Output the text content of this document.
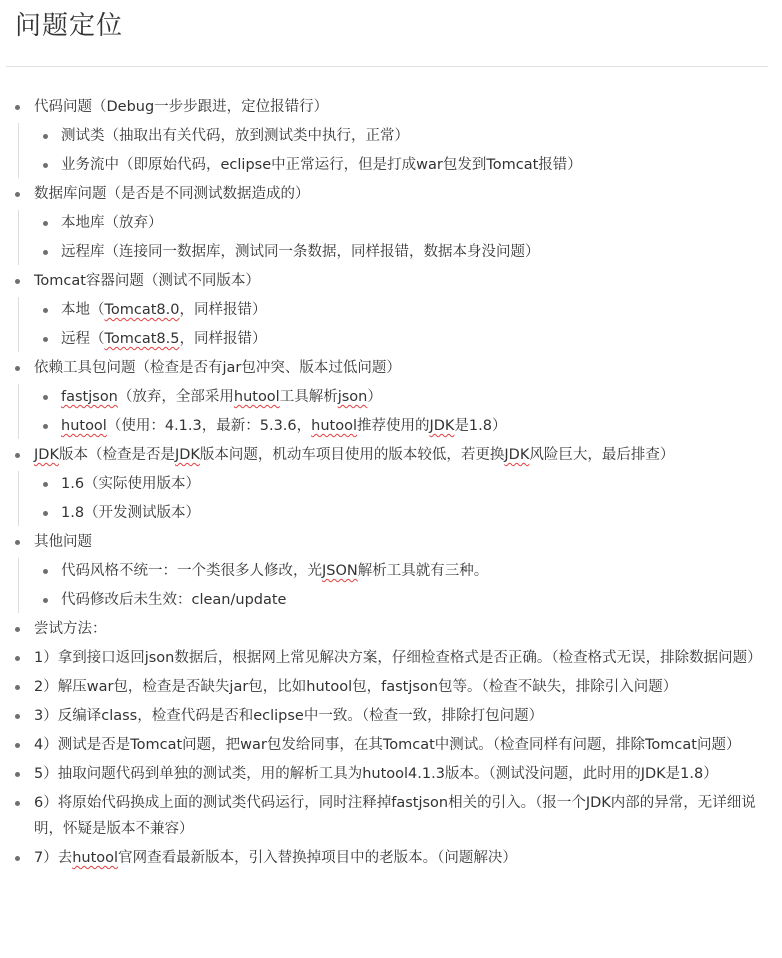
问题定位
代码问题（Debug一步步跟进，定位报错行）
测试类（抽取出有关代码，放到测试类中执行，正常）
业务流中（即原始代码，eclipse中正常运行，但是打成war包发到Tomcat报错）
数据库问题（是否是不同测试数据造成的）
本地库（放弃）
远程库（连接同一数据库，测试同一条数据，同样报错，数据本身没问题）
Tomcat容器问题（测试不同版本）
本地（Tomcat8.0，同样报错）
远程（Tomcat8.5，同样报错）
依赖工具包问题（检查是否有jar包冲突、版本过低问题）
fastjson（放弃，全部采用hutool工具解析json）
hutool（使用：4.1.3，最新：5.3.6，hutool推荐使用的JDK是1.8）
JDK版本（检查是否是JDK版本问题，机动车项目使用的版本较低，若更换JDK风险巨大，最后排查）
1.6（实际使用版本）
1.8（开发测试版本）
其他问题
代码风格不统一：一个类很多人修改，光JSON解析工具就有三种。
代码修改后未生效：clean/update
尝试方法：
1）拿到接口返回json数据后，根据网上常见解决方案，仔细检查格式是否正确。（检查格式无误，排除数据问题）
2）解压war包，检查是否缺失jar包，比如hutool包，fastjson包等。（检查不缺失，排除引入问题）
3）反编译class，检查代码是否和eclipse中一致。（检查一致，排除打包问题）
4）测试是否是Tomcat问题，把war包发给同事，在其Tomcat中测试。（检查同样有问题，排除Tomcat问题）
5）抽取问题代码到单独的测试类，用的解析工具为hutool4.1.3版本。（测试没问题，此时用的JDK是1.8）
6）将原始代码换成上面的测试类代码运行，同时注释掉fastjson相关的引入。（报一个JDK内部的异常，无详细说明，怀疑是版本不兼容）
7）去hutool官网查看最新版本，引入替换掉项目中的老版本。（问题解决）
